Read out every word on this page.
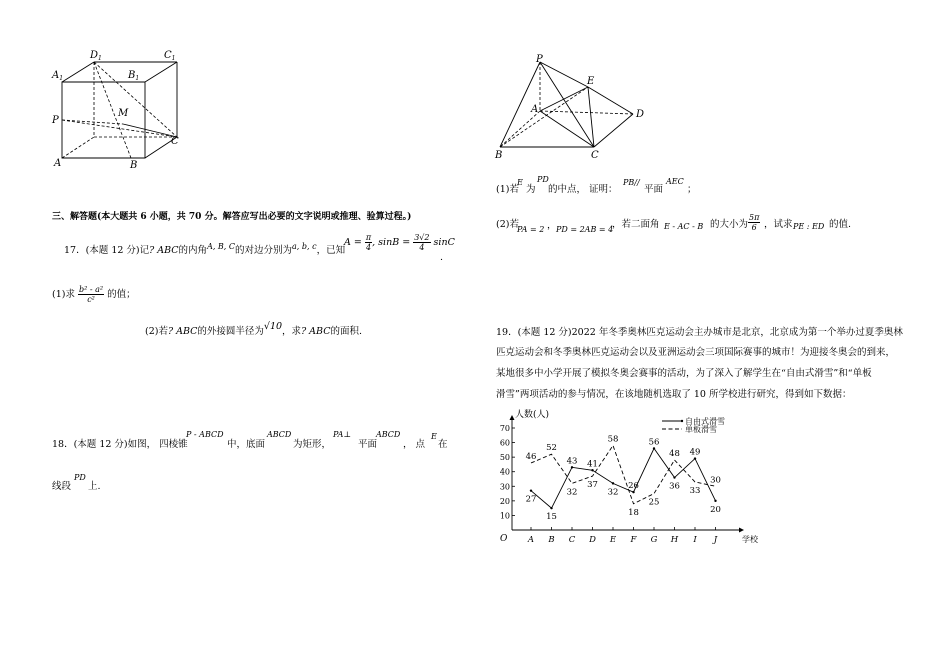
$A_1$
$D_1$
$B_1$
$C_1$
M
P
A	B
C
三、解答题(本大题共 6 小题，共 70 分。解答应写出必要的文字说明或推理、验算过程。)
17．(本题 12 分)记? ABC的内角$^{A, B, C}$的对边分别为$^{a, b, c}$，已知
$A = \frac{\pi}{4}$ , $\sin B = \frac{3√2}{4}$ sinC
.
(1)求 $\frac{\text{b² - a²}}{\text{c²}}$ 的值；
(2)若? ABC的外接圆半径为√10，求? ABC的面积.
18．(本题 12 分)如图， 四棱锥
P - ABCD
中，底面
ABCD
为矩形，
PA⊥
平面
ABCD
， 点
E
在
线段
PD
上.
P
E
A	D
B	C
(1)若
E
为
PD
的中点， 证明：
PB//
平面
AEC
；
(2)若
PA = 2 ， PD = 2AB = 4
，若二面角 E - AC - B 的大小为 $\frac{5\pi}{6}$ ，试求 PE : ED 的值.
19．(本题 12 分)2022 年冬季奥林匹克运动会主办城市是北京，北京成为第一个举办过夏季奥林
匹克运动会和冬季奥林匹克运动会以及亚洲运动会三项国际赛事的城市！为迎接冬奥会的到来，
某地很多中小学开展了模拟冬奥会赛事的活动，为了深入了解学生在“自由式滑雪”和“单板
滑雪”两项活动的参与情况，在该地随机选取了 10 所学校进行研究，得到如下数据：
人数(人)
学校
O
10
20
30
40
50
60
70
A B C D E F G H I J
27
15
43 41
32
26
56
36
49
20
46
52
32
37
58
18
25
48
33
30
自由式滑雪
单板滑雪
